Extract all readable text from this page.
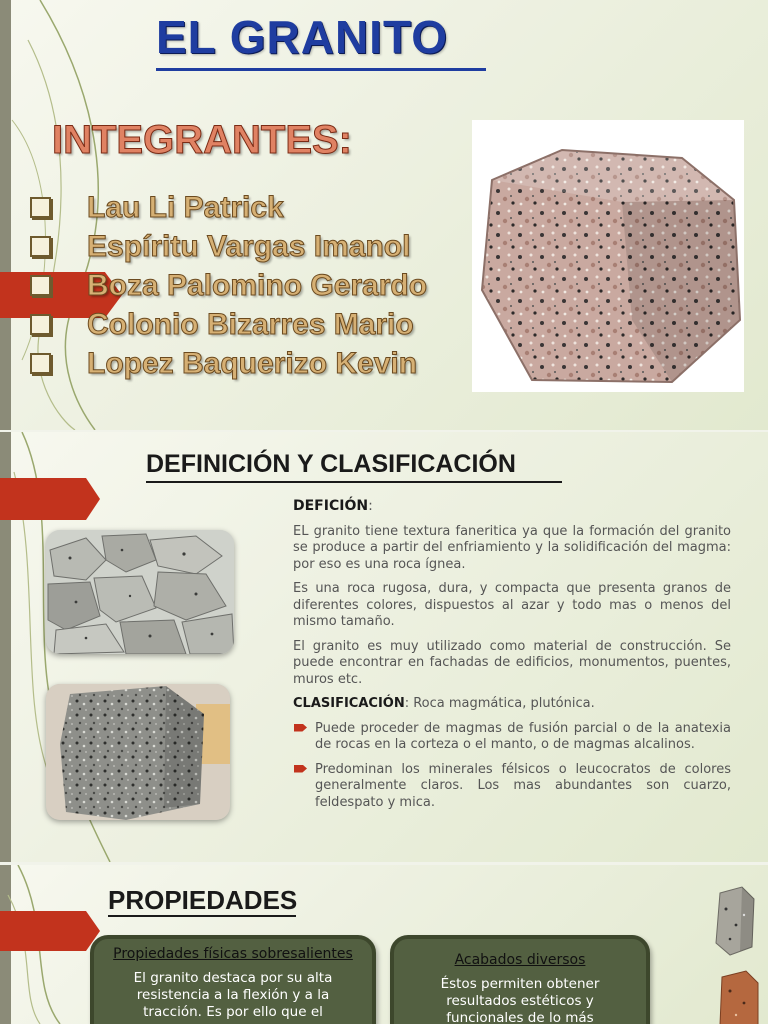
EL GRANITO
INTEGRANTES:
Lau Li Patrick
Espíritu Vargas Imanol
Boza Palomino Gerardo
Colonio Bizarres Mario
Lopez Baquerizo Kevin
DEFINICIÓN Y CLASIFICACIÓN

DEFICIÓN:

EL granito tiene textura faneritica ya que la formación del granito se produce a partir del enfriamiento y la solidificación del magma: por eso es una roca ígnea.

Es una roca rugosa, dura, y compacta que presenta granos de diferentes colores, dispuestos al azar y todo mas o menos del mismo tamaño.

El granito es muy utilizado como material de construcción. Se puede encontrar en fachadas de edificios, monumentos, puentes, muros etc.

CLASIFICACIÓN: Roca magmática, plutónica.

Puede proceder de magmas de fusión parcial o de la anatexia de rocas en la corteza o el manto, o de magmas alcalinos.
Predominan los minerales félsicos o leucocratos de colores generalmente claros. Los mas abundantes son cuarzo, feldespato y mica.
PROPIEDADES
Propiedades físicas sobresalientes

El granito destaca por su alta resistencia a la flexión y a la tracción. Es por ello que el

Acabados diversos

Éstos permiten obtener resultados estéticos y funcionales de lo más
